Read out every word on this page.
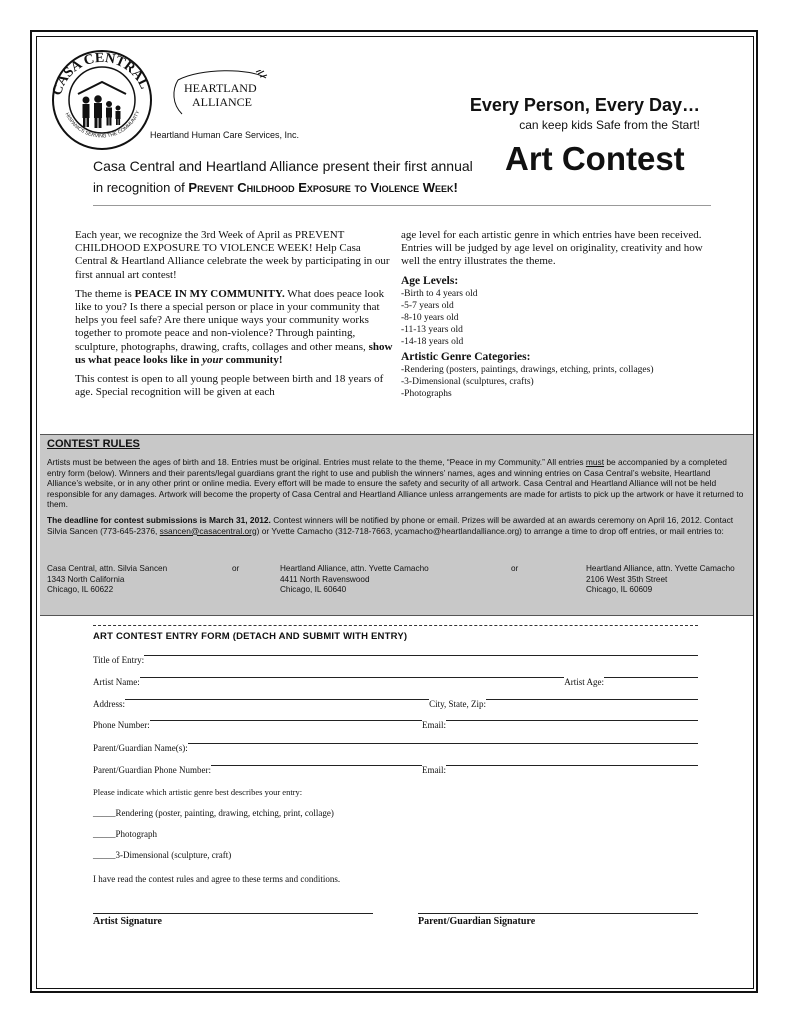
CASA CENTRAL
HISPANICS SERVING THE COMMUNITY
HEARTLAND
ALLIANCE
Heartland Human Care Services, Inc.
Every Person, Every Day…
can keep kids Safe from the Start!
Casa Central and Heartland Alliance present their first annual Art Contest
in recognition of Prevent Childhood Exposure to Violence Week!

Each year, we recognize the 3rd Week of April as PREVENT CHILDHOOD EXPOSURE TO VIOLENCE WEEK! Help Casa Central & Heartland Alliance celebrate the week by participating in our first annual art contest!

The theme is PEACE IN MY COMMUNITY. What does peace look like to you? Is there a special person or place in your community that helps you feel safe? Are there unique ways your community works together to promote peace and non-violence? Through painting, sculpture, photographs, drawing, crafts, collages and other means, show us what peace looks like in your community!

This contest is open to all young people between birth and 18 years of age. Special recognition will be given at each

age level for each artistic genre in which entries have been received. Entries will be judged by age level on originality, creativity and how well the entry illustrates the theme.

Age Levels:
-Birth to 4 years old
-5-7 years old
-8-10 years old
-11-13 years old
-14-18 years old
Artistic Genre Categories:
-Rendering (posters, paintings, drawings, etching, prints, collages)
-3-Dimensional (sculptures, crafts)
-Photographs
CONTEST RULES

Artists must be between the ages of birth and 18. Entries must be original. Entries must relate to the theme, “Peace in my Community.” All entries must be accompanied by a completed entry form (below). Winners and their parents/legal guardians grant the right to use and publish the winners’ names, ages and winning entries on Casa Central’s website, Heartland Alliance’s website, or in any other print or online media. Every effort will be made to ensure the safety and security of all artwork. Casa Central and Heartland Alliance will not be held responsible for any damages. Artwork will become the property of Casa Central and Heartland Alliance unless arrangements are made for artists to pick up the artwork or have it returned to them.

The deadline for contest submissions is March 31, 2012. Contest winners will be notified by phone or email. Prizes will be awarded at an awards ceremony on April 16, 2012. Contact Silvia Sancen (773-645-2376, ssancen@casacentral.org) or Yvette Camacho (312-718-7663, ycamacho@heartlandalliance.org) to arrange a time to drop off entries, or mail entries to:

Casa Central, attn. Silvia Sancen
1343 North California
Chicago, IL 60622
or	Heartland Alliance, attn. Yvette Camacho
4411 North Ravenswood
Chicago, IL 60640
or	Heartland Alliance, attn. Yvette Camacho
2106 West 35th Street
Chicago, IL 60609
ART CONTEST ENTRY FORM (DETACH AND SUBMIT WITH ENTRY)
Title of Entry:
Artist Name:	Artist Age:
Address:	City, State, Zip:
Phone Number:	Email:
Parent/Guardian Name(s):
Parent/Guardian Phone Number:	Email:
Please indicate which artistic genre best describes your entry:
_____Rendering (poster, painting, drawing, etching, print, collage)
_____Photograph
_____3-Dimensional (sculpture, craft)
I have read the contest rules and agree to these terms and conditions.
Artist Signature	Parent/Guardian Signature
